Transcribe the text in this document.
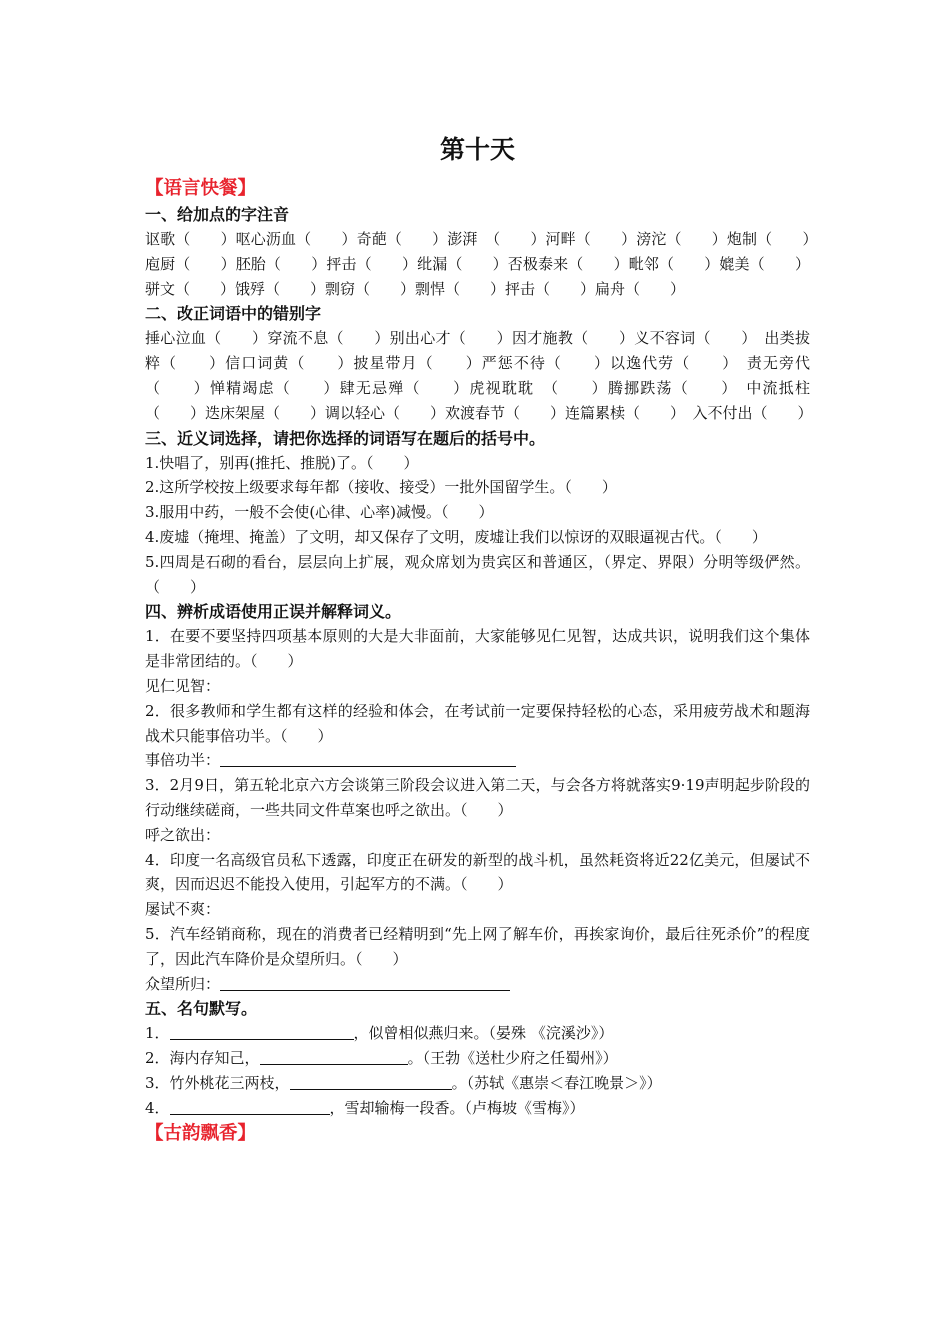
第十天
【语言快餐】
一、给加点的字注音
讴歌（　　）呕心沥血（　　）奇葩（　　）澎湃　（　　）河畔（　　）滂沱（　　）炮制（　　）庖厨（　　）胚胎（　　）抨击（　　）纰漏（　　）否极泰来（　　）毗邻（　　）媲美（　　）骈文（　　）饿殍（　　）剽窃（　　）剽悍（　　）抨击（　　）扁舟（　　）
二、改正词语中的错别字
捶心泣血（　　）穿流不息（　　）别出心才（　　）因才施教（　　）义不容词（　　）　出类拔粹（　　）信口词黄（　　）披星带月（　　）严惩不待（　　）以逸代劳（　　）　责无旁代（　　）惮精竭虑（　　）肆无忌殚（　　）虎视耽耽　（　　）腾挪跌荡（　　）　中流抵柱（　　）迭床架屋（　　）调以轻心（　　）欢渡春节（　　）连篇累椟（　　）　入不付出（　　）
三、近义词选择，请把你选择的词语写在题后的括号中。
1.快唱了，别再(推托、推脱)了。（　　）
2.这所学校按上级要求每年都（接收、接受）一批外国留学生。（　　）
3.服用中药，一般不会使(心律、心率)减慢。（　　）
4.废墟（掩埋、掩盖）了文明，却又保存了文明，废墟让我们以惊讶的双眼逼视古代。（　　）
5.四周是石砌的看台，层层向上扩展，观众席划为贵宾区和普通区，（界定、界限）分明等级俨然。（　　）
四、辨析成语使用正误并解释词义。
1．在要不要坚持四项基本原则的大是大非面前，大家能够见仁见智，达成共识，说明我们这个集体是非常团结的。（　　）
见仁见智：
2．很多教师和学生都有这样的经验和体会，在考试前一定要保持轻松的心态，采用疲劳战术和题海战术只能事倍功半。（　　）
事倍功半：
3．2月9日，第五轮北京六方会谈第三阶段会议进入第二天，与会各方将就落实9·19声明起步阶段的行动继续磋商，一些共同文件草案也呼之欲出。（　　）
呼之欲出：
4．印度一名高级官员私下透露，印度正在研发的新型的战斗机，虽然耗资将近22亿美元，但屡试不爽，因而迟迟不能投入使用，引起军方的不满。（　　）
屡试不爽：
5．汽车经销商称，现在的消费者已经精明到“先上网了解车价，再挨家询价，最后往死杀价”的程度了，因此汽车降价是众望所归。（　　）
众望所归：
五、名句默写。
1．	，似曾相似燕归来。（晏殊 《浣溪沙》）
2．海内存知己，	。（王勃《送杜少府之任蜀州》）
3．竹外桃花三两枝，	。（苏轼《惠崇＜春江晚景＞》）
4．	，雪却输梅一段香。（卢梅坡《雪梅》）
【古韵飘香】
